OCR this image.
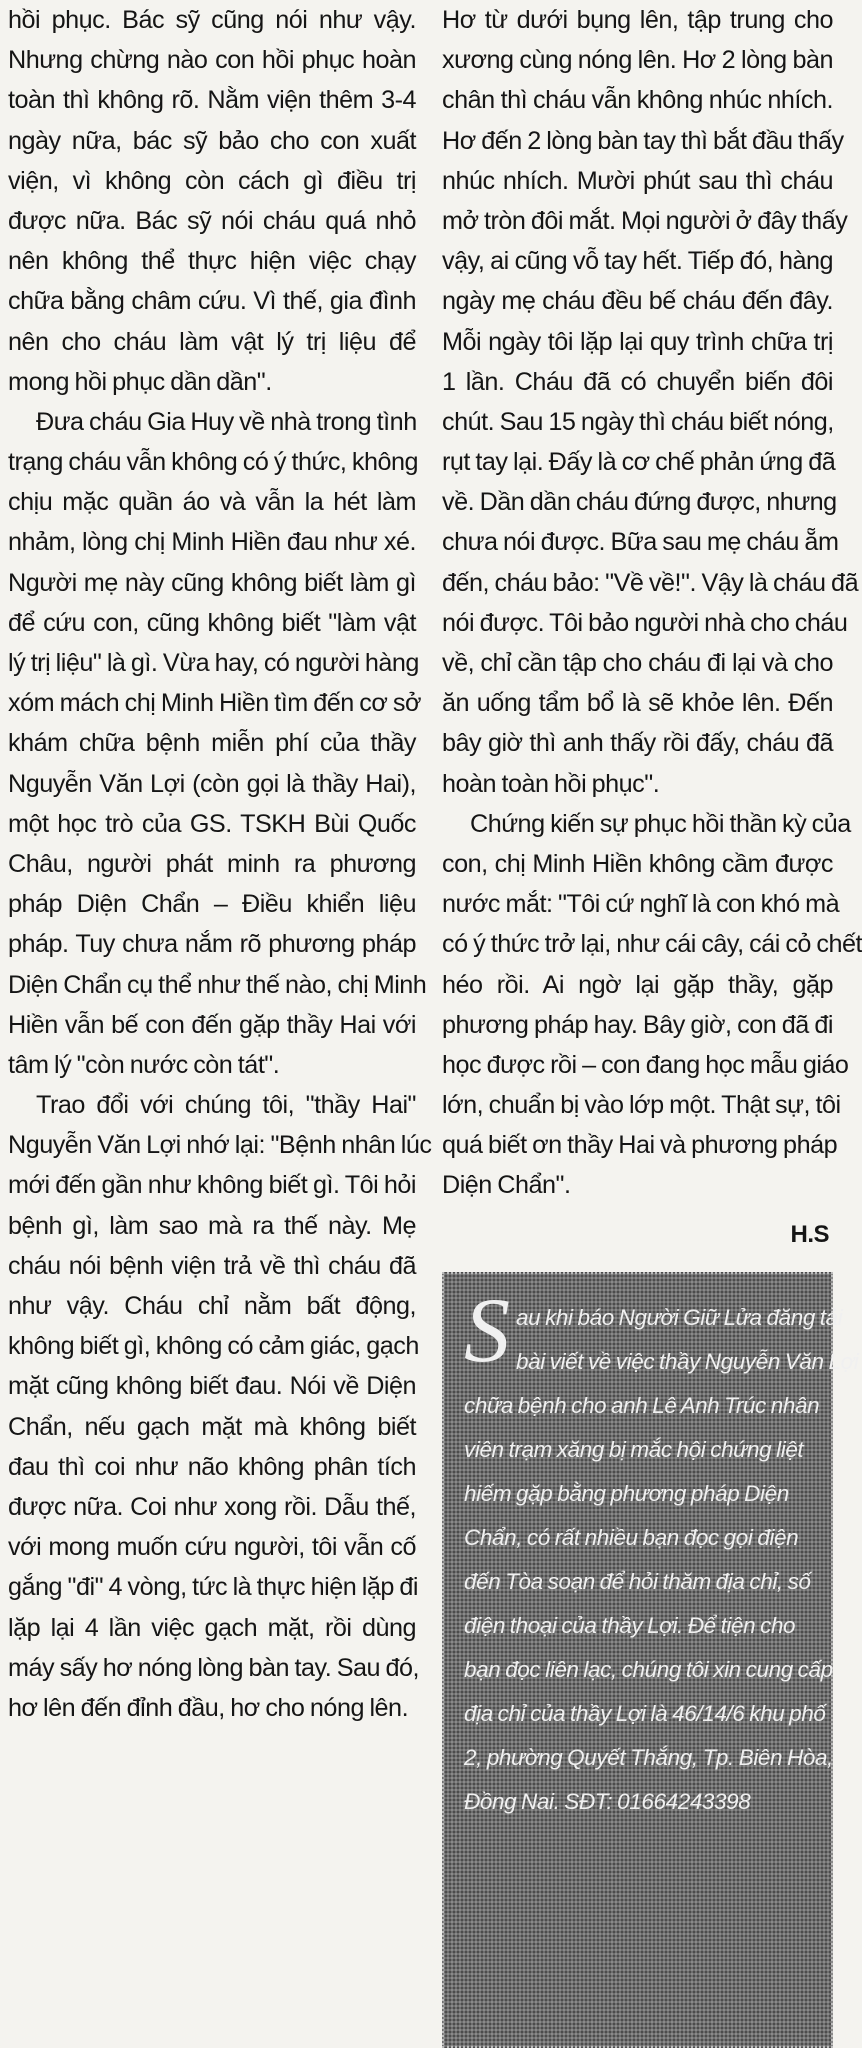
hồi phục. Bác sỹ cũng nói như vậy.
Nhưng chừng nào con hồi phục hoàn
toàn thì không rõ. Nằm viện thêm 3-4
ngày nữa, bác sỹ bảo cho con xuất
viện, vì không còn cách gì điều trị
được nữa. Bác sỹ nói cháu quá nhỏ
nên không thể thực hiện việc chạy
chữa bằng châm cứu. Vì thế, gia đình
nên cho cháu làm vật lý trị liệu để
mong hồi phục dần dần".
Đưa cháu Gia Huy về nhà trong tình
trạng cháu vẫn không có ý thức, không
chịu mặc quần áo và vẫn la hét làm
nhảm, lòng chị Minh Hiền đau như xé.
Người mẹ này cũng không biết làm gì
để cứu con, cũng không biết "làm vật
lý trị liệu" là gì. Vừa hay, có người hàng
xóm mách chị Minh Hiền tìm đến cơ sở
khám chữa bệnh miễn phí của thầy
Nguyễn Văn Lợi (còn gọi là thầy Hai),
một học trò của GS. TSKH Bùi Quốc
Châu, người phát minh ra phương
pháp Diện Chẩn – Điều khiển liệu
pháp. Tuy chưa nắm rõ phương pháp
Diện Chẩn cụ thể như thế nào, chị Minh
Hiền vẫn bế con đến gặp thầy Hai với
tâm lý "còn nước còn tát".
Trao đổi với chúng tôi, "thầy Hai"
Nguyễn Văn Lợi nhớ lại: "Bệnh nhân lúc
mới đến gần như không biết gì. Tôi hỏi
bệnh gì, làm sao mà ra thế này. Mẹ
cháu nói bệnh viện trả về thì cháu đã
như vậy. Cháu chỉ nằm bất động,
không biết gì, không có cảm giác, gạch
mặt cũng không biết đau. Nói về Diện
Chẩn, nếu gạch mặt mà không biết
đau thì coi như não không phân tích
được nữa. Coi như xong rồi. Dẫu thế,
với mong muốn cứu người, tôi vẫn cố
gắng "đi" 4 vòng, tức là thực hiện lặp đi
lặp lại 4 lần việc gạch mặt, rồi dùng
máy sấy hơ nóng lòng bàn tay. Sau đó,
hơ lên đến đỉnh đầu, hơ cho nóng lên.
Hơ từ dưới bụng lên, tập trung cho
xương cùng nóng lên. Hơ 2 lòng bàn
chân thì cháu vẫn không nhúc nhích.
Hơ đến 2 lòng bàn tay thì bắt đầu thấy
nhúc nhích. Mười phút sau thì cháu
mở tròn đôi mắt. Mọi người ở đây thấy
vậy, ai cũng vỗ tay hết. Tiếp đó, hàng
ngày mẹ cháu đều bế cháu đến đây.
Mỗi ngày tôi lặp lại quy trình chữa trị
1 lần. Cháu đã có chuyển biến đôi
chút. Sau 15 ngày thì cháu biết nóng,
rụt tay lại. Đấy là cơ chế phản ứng đã
về. Dần dần cháu đứng được, nhưng
chưa nói được. Bữa sau mẹ cháu ẵm
đến, cháu bảo: "Về về!". Vậy là cháu đã
nói được. Tôi bảo người nhà cho cháu
về, chỉ cần tập cho cháu đi lại và cho
ăn uống tẩm bổ là sẽ khỏe lên. Đến
bây giờ thì anh thấy rồi đấy, cháu đã
hoàn toàn hồi phục".
Chứng kiến sự phục hồi thần kỳ của
con, chị Minh Hiền không cầm được
nước mắt: "Tôi cứ nghĩ là con khó mà
có ý thức trở lại, như cái cây, cái cỏ chết
héo rồi. Ai ngờ lại gặp thầy, gặp
phương pháp hay. Bây giờ, con đã đi
học được rồi – con đang học mẫu giáo
lớn, chuẩn bị vào lớp một. Thật sự, tôi
quá biết ơn thầy Hai và phương pháp
Diện Chẩn".
H.S
S au khi báo Người Giữ Lửa đăng tải
bài viết về việc thầy Nguyễn Văn Lợi
chữa bệnh cho anh Lê Anh Trúc nhân
viên trạm xăng bị mắc hội chứng liệt
hiếm gặp bằng phương pháp Diện
Chẩn, có rất nhiều bạn đọc gọi điện
đến Tòa soạn để hỏi thăm địa chỉ, số
điện thoại của thầy Lợi. Để tiện cho
bạn đọc liên lạc, chúng tôi xin cung cấp
địa chỉ của thầy Lợi là 46/14/6 khu phố
2, phường Quyết Thắng, Tp. Biên Hòa,
Đồng Nai. SĐT: 01664243398
